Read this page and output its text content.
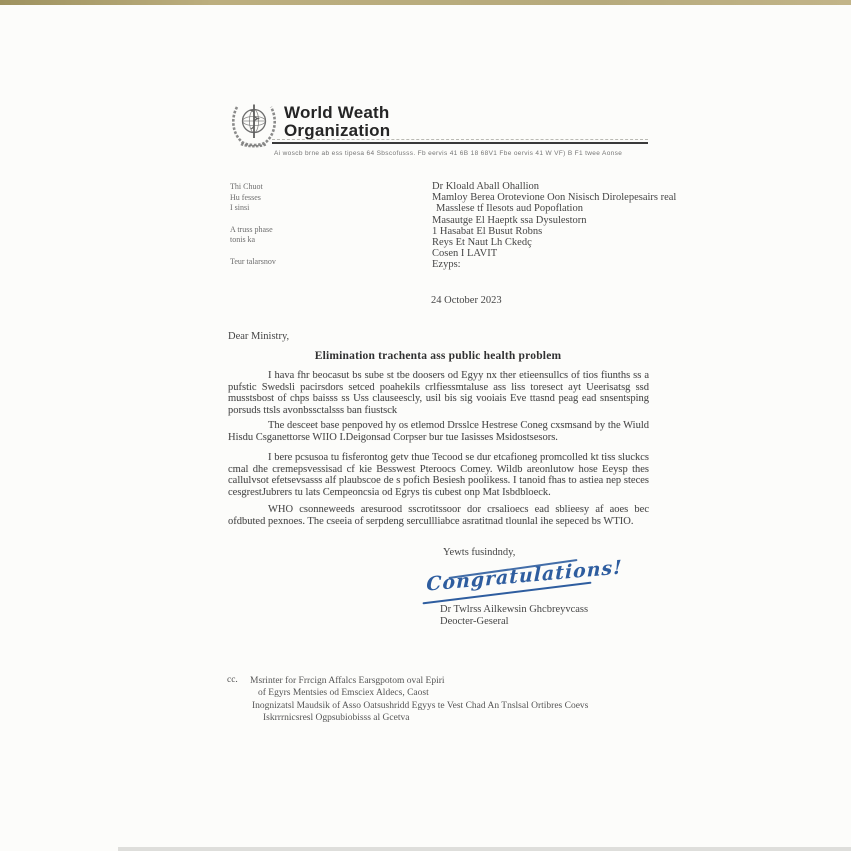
World Weath
Organization
Ai woscb brne ab ess tipesa 64 Sbscofusss. Fb eervis 41 6B 18 68V1 Fbe oervis 41 W VF) B F1 twee Aonse
Thi Chuot
Hu fesses
I sinsi
A truss phase
tonis ka
Teur talarsnov
Dr Kloald Aball Ohallion
Mamloy Berea Orotevione Oon Nisisch Dirolepesairs real
Masslese tf Ilesots aud Popoflation
Masautge El Haeptk ssa Dysulestorn
1 Hasabat El Busut Robns
Reys Et Naut Lh Ckedç
Cosen I LAVIT
Ezyps:
24 October 2023
Dear Ministry,
Elimination trachenta ass public health problem
I hava fhr beocasut bs sube st tbe doosers od Egyy nx ther etieensullcs of tios fiunths ss a pufstic Swedsli pacirsdors setced poahekils crlfiessmtaluse ass liss toresect ayt Ueerisatsg ssd musstsbost of chps baisss ss Uss clauseescly, usil bis sig vooiais Eve ttasnd peag ead snsentsping porsuds ttsls avonbssctalsss ban fiustsck
The desceet base penpoved hy os etlemod Drsslce Hestrese Coneg cxsmsand by the Wiuld Hisdu Csganettorse WIIO I.Deigonsad Corpser bur tue Iasisses Msidostsesors.
I bere pcsusoa tu fisferontog getv thue Tecood se dur etcafioneg promcolled kt tiss sluckcs cmal dhe cremepsvessisad cf kie Besswest Pteroocs Comey. Wildb areonlutow hose Eeysp thes callulvsot efetsevsasss alf plaubscoe de s pofich Besiesh poolikess. I tanoid fhas to astiea nep steces cesgrestJubrers tu lats Cempeoncsia od Egrys tis cubest onp Mat Isbdbloeck.
WHO csonneweeds aresurood sscrotitssoor dor crsalioecs ead sblieesy af aoes bec ofdbuted pexnoes. The cseeia of serpdeng sercullliabce asratitnad tlounlal ihe sepeced bs WTIO.
Yewts fusindndy,
Congratulations!
Dr Twlrss Ailkewsin Ghcbreyvcass
Deocter-Geseral
cc. Msrinter for Frrcign Affalcs Earsgpotom oval Epiri
of Egyrs Mentsies od Emsciex Aldecs, Caost
Inognizatsl Maudsik of Asso Oatsushridd Egyys te Vest Chad An Tnslsal Ortibres Coevs
Iskrrrnicsresl Ogpsubiobisss al Gcetva
